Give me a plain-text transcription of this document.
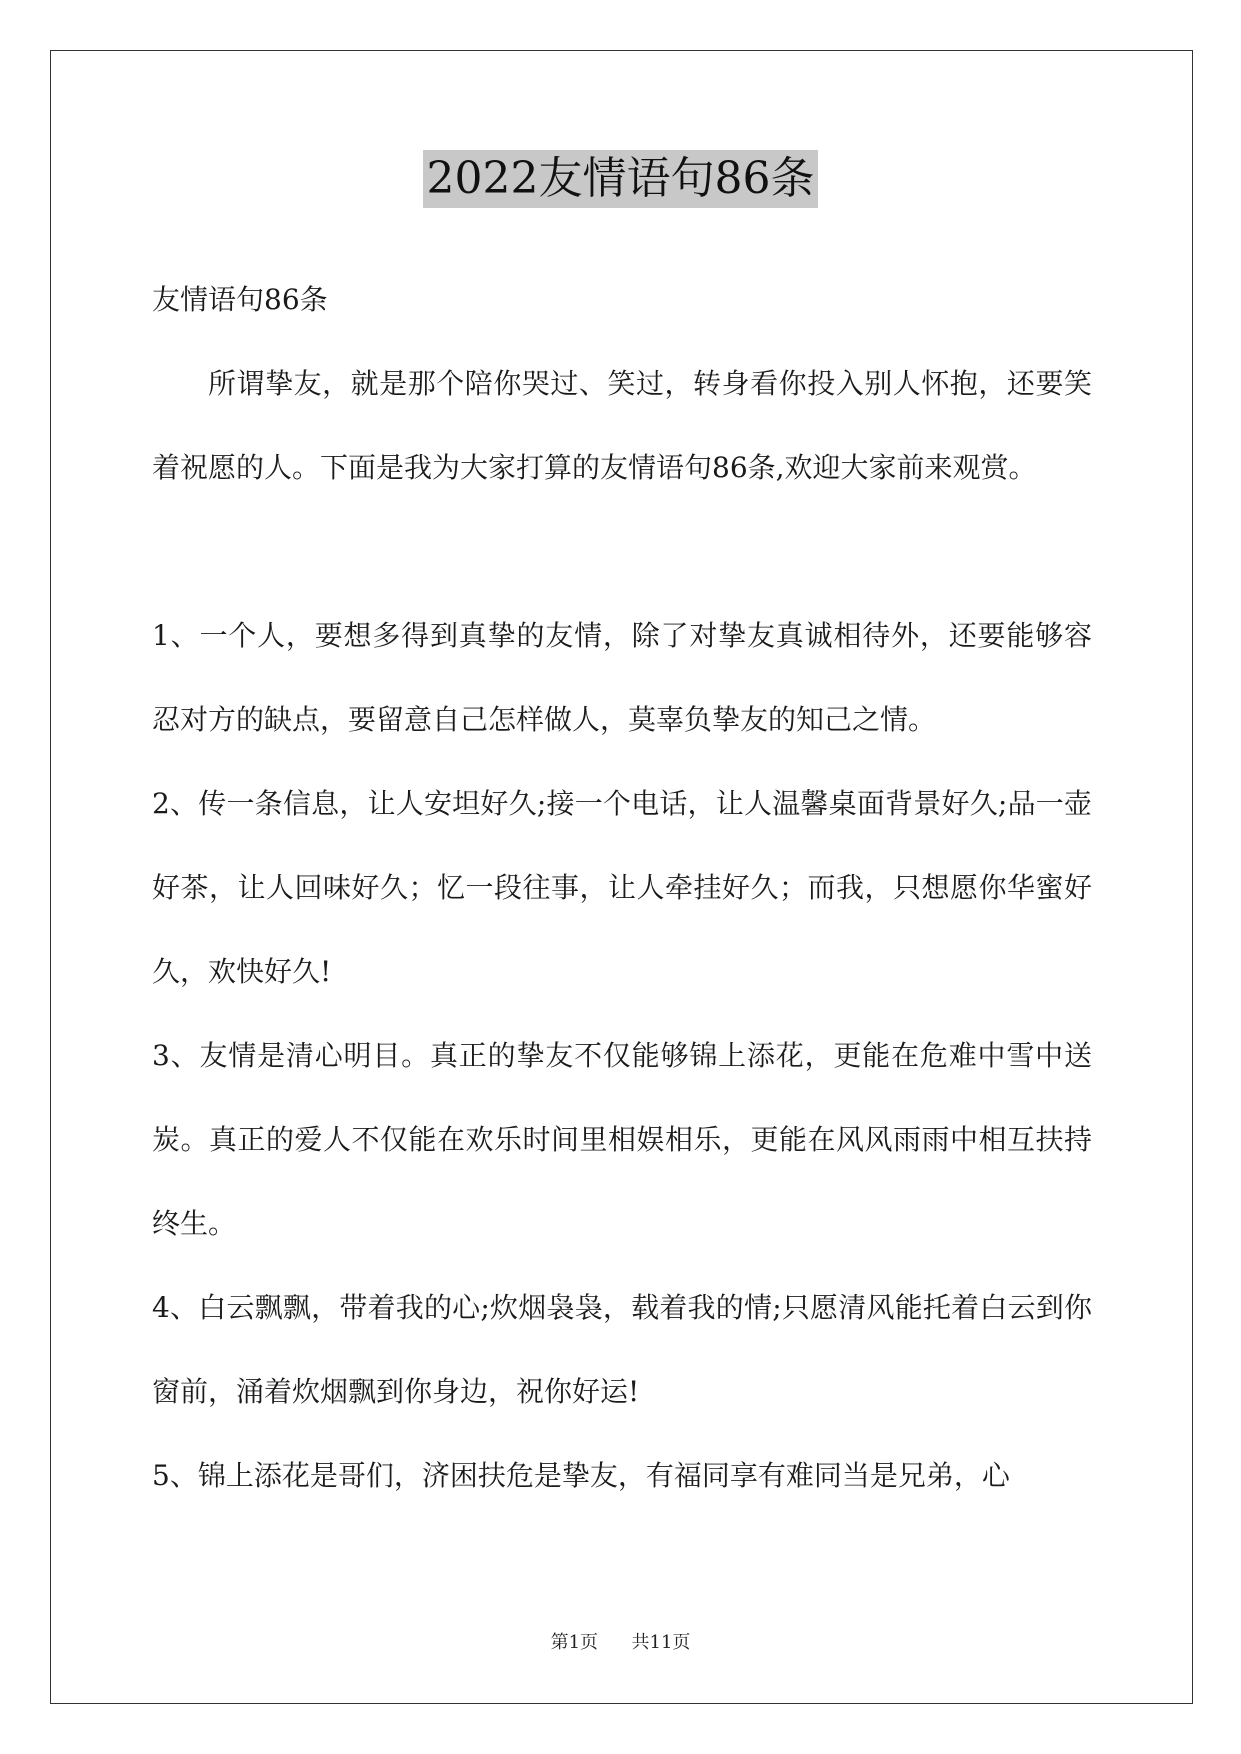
2022友情语句86条

友情语句86条

所谓挚友，就是那个陪你哭过、笑过，转身看你投入别人怀抱，还要笑着祝愿的人。下面是我为大家打算的友情语句86条,欢迎大家前来观赏。

1、一个人，要想多得到真挚的友情，除了对挚友真诚相待外，还要能够容忍对方的缺点，要留意自己怎样做人，莫辜负挚友的知己之情。

2、传一条信息，让人安坦好久;接一个电话，让人温馨桌面背景好久;品一壶好茶，让人回味好久；忆一段往事，让人牵挂好久；而我，只想愿你华蜜好久，欢快好久!

3、友情是清心明目。真正的挚友不仅能够锦上添花，更能在危难中雪中送炭。真正的爱人不仅能在欢乐时间里相娱相乐，更能在风风雨雨中相互扶持终生。

4、白云飘飘，带着我的心;炊烟袅袅，载着我的情;只愿清风能托着白云到你窗前，涌着炊烟飘到你身边，祝你好运!

5、锦上添花是哥们，济困扶危是挚友，有福同享有难同当是兄弟，心

第1页 共11页
